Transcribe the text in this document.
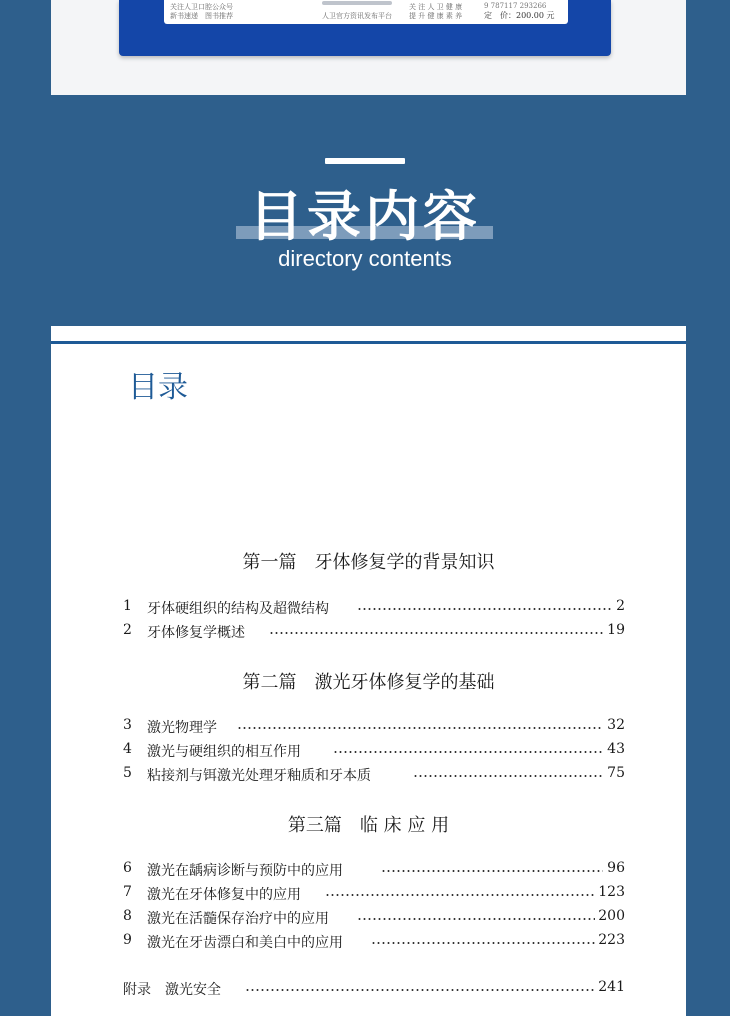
关注人卫口腔公众号
新书速递　图书推荐	人卫官方资讯发布平台
关 注 人 卫 健 康
提 升 健 康 素 养
9 787117 293266
定　价：200.00 元
目录内容
directory contents
目录
第一篇　牙体修复学的背景知识
1 牙体硬组织的结构及超微结构	2
2 牙体修复学概述	19
第二篇　激光牙体修复学的基础
3 激光物理学	32
4 激光与硬组织的相互作用	43
5 粘接剂与铒激光处理牙釉质和牙本质	75
第三篇　临 床 应 用
6 激光在龋病诊断与预防中的应用	96
7 激光在牙体修复中的应用	123
8 激光在活髓保存治疗中的应用	200
9 激光在牙齿漂白和美白中的应用	223
附录　激光安全	241
